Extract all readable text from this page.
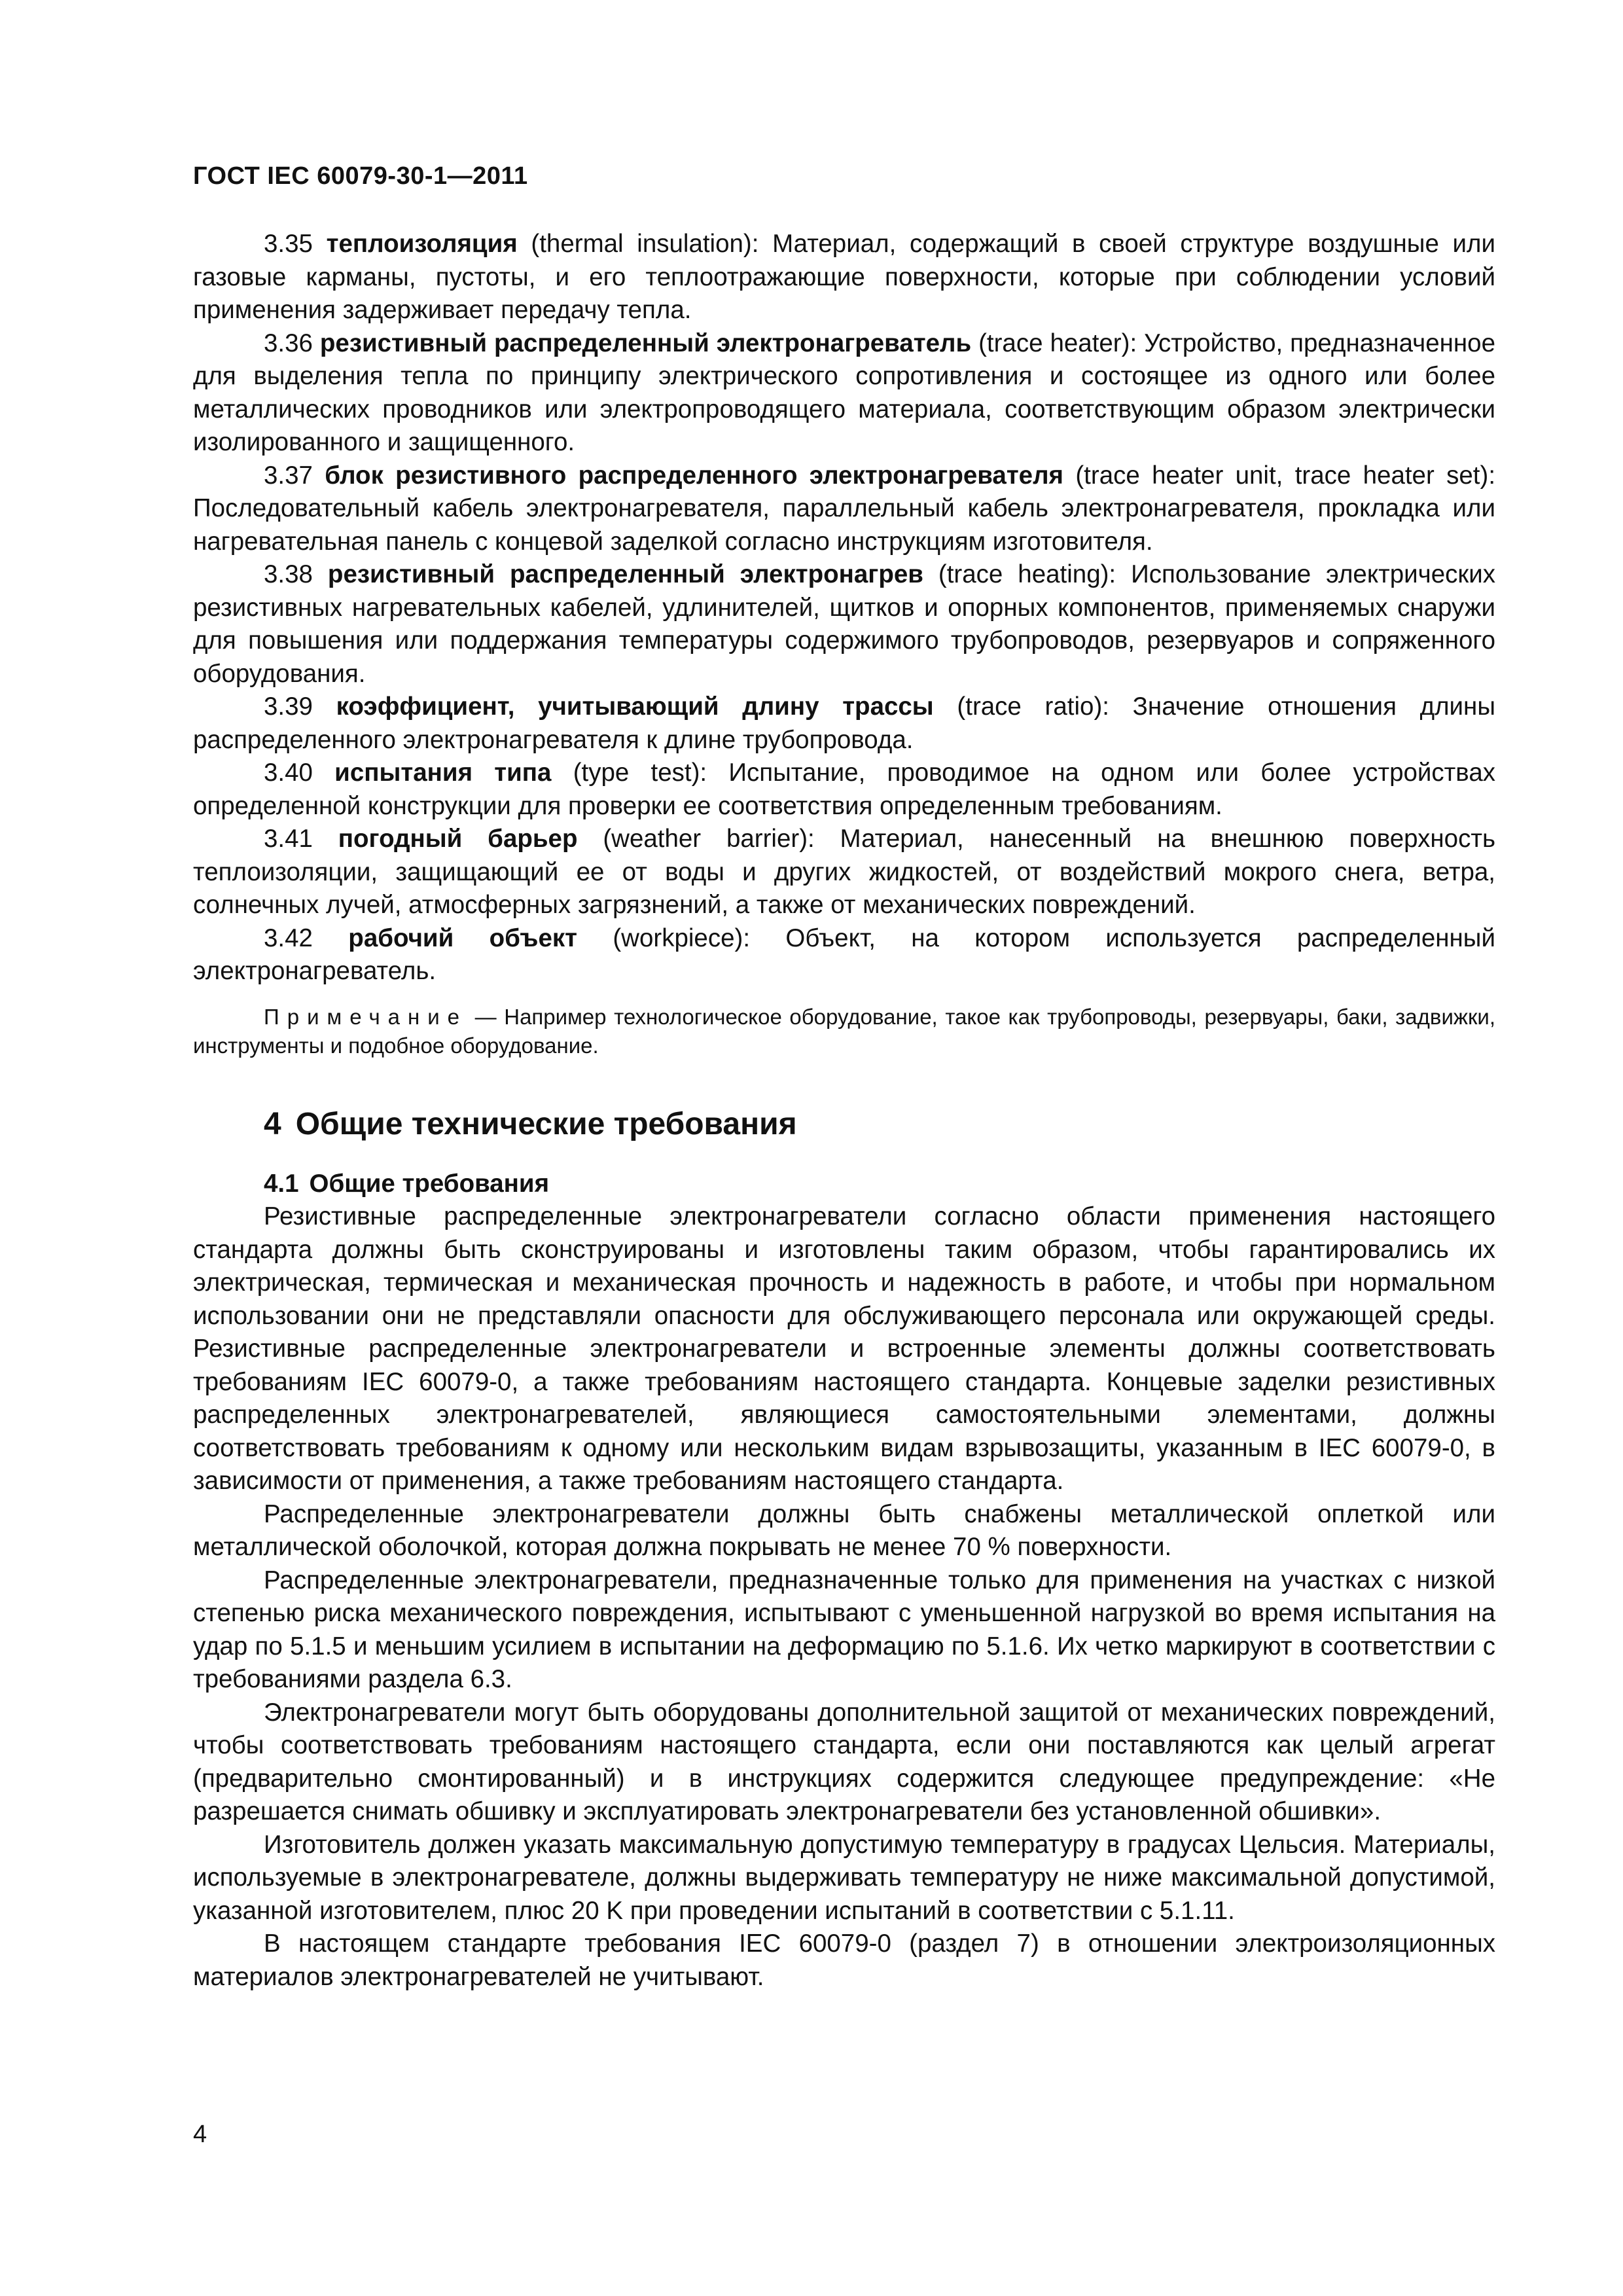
ГОСТ IEC 60079-30-1—2011
3.35 теплоизоляция (thermal insulation): Материал, содержащий в своей структуре воздушные или газовые карманы, пустоты, и его теплоотражающие поверхности, которые при соблюдении условий применения задерживает передачу тепла.
3.36 резистивный распределенный электронагреватель (trace heater): Устройство, предназначенное для выделения тепла по принципу электрического сопротивления и состоящее из одного или более металлических проводников или электропроводящего материала, соответствующим образом электрически изолированного и защищенного.
3.37 блок резистивного распределенного электронагревателя (trace heater unit, trace heater set): Последовательный кабель электронагревателя, параллельный кабель электронагревателя, прокладка или нагревательная панель с концевой заделкой согласно инструкциям изготовителя.
3.38 резистивный распределенный электронагрев (trace heating): Использование электрических резистивных нагревательных кабелей, удлинителей, щитков и опорных компонентов, применяемых снаружи для повышения или поддержания температуры содержимого трубопроводов, резервуаров и сопряженного оборудования.
3.39 коэффициент, учитывающий длину трассы (trace ratio): Значение отношения длины распределенного электронагревателя к длине трубопровода.
3.40 испытания типа (type test): Испытание, проводимое на одном или более устройствах определенной конструкции для проверки ее соответствия определенным требованиям.
3.41 погодный барьер (weather barrier): Материал, нанесенный на внешнюю поверхность теплоизоляции, защищающий ее от воды и других жидкостей, от воздействий мокрого снега, ветра, солнечных лучей, атмосферных загрязнений, а также от механических повреждений.
3.42 рабочий объект (workpiece): Объект, на котором используется распределенный электронагреватель.
Примечание — Например технологическое оборудование, такое как трубопроводы, резервуары, баки, задвижки, инструменты и подобное оборудование.
4 Общие технические требования
4.1 Общие требования
Резистивные распределенные электронагреватели согласно области применения настоящего стандарта должны быть сконструированы и изготовлены таким образом, чтобы гарантировались их электрическая, термическая и механическая прочность и надежность в работе, и чтобы при нормальном использовании они не представляли опасности для обслуживающего персонала или окружающей среды. Резистивные распределенные электронагреватели и встроенные элементы должны соответствовать требованиям IEC 60079-0, а также требованиям настоящего стандарта. Концевые заделки резистивных распределенных электронагревателей, являющиеся самостоятельными элементами, должны соответствовать требованиям к одному или нескольким видам взрывозащиты, указанным в IEC 60079-0, в зависимости от применения, а также требованиям настоящего стандарта.
Распределенные электронагреватели должны быть снабжены металлической оплеткой или металлической оболочкой, которая должна покрывать не менее 70 % поверхности.
Распределенные электронагреватели, предназначенные только для применения на участках с низкой степенью риска механического повреждения, испытывают с уменьшенной нагрузкой во время испытания на удар по 5.1.5 и меньшим усилием в испытании на деформацию по 5.1.6. Их четко маркируют в соответствии с требованиями раздела 6.3.
Электронагреватели могут быть оборудованы дополнительной защитой от механических повреждений, чтобы соответствовать требованиям настоящего стандарта, если они поставляются как целый агрегат (предварительно смонтированный) и в инструкциях содержится следующее предупреждение: «Не разрешается снимать обшивку и эксплуатировать электронагреватели без установленной обшивки».
Изготовитель должен указать максимальную допустимую температуру в градусах Цельсия. Материалы, используемые в электронагревателе, должны выдерживать температуру не ниже максимальной допустимой, указанной изготовителем, плюс 20 K при проведении испытаний в соответствии с 5.1.11.
В настоящем стандарте требования IEC 60079-0 (раздел 7) в отношении электроизоляционных материалов электронагревателей не учитывают.
4
